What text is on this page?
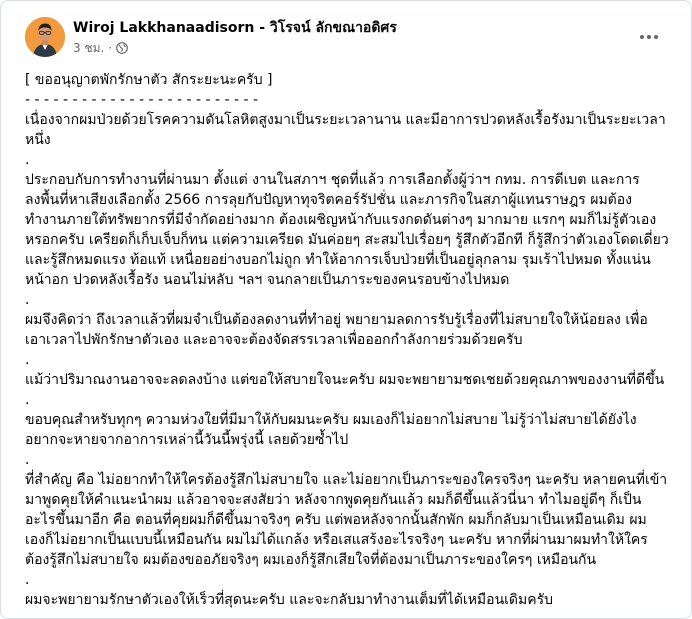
Wiroj Lakkhanaadisorn - วิโรจน์ ลักขณาอดิศร
3 ชม. ·
[ ขออนุญาตพักรักษาตัว สักระยะนะครับ ]
- - - - - - - - - - - - - - - - - - - - - - - - -
เนื่องจากผมป่วยด้วยโรคความดันโลหิตสูงมาเป็นระยะเวลานาน และมีอาการปวดหลังเรื้อรังมาเป็นระยะเวลา
หนึ่ง
.
ประกอบกับการทำงานที่ผ่านมา ตั้งแต่ งานในสภาฯ ชุดที่แล้ว การเลือกตั้งผู้ว่าฯ กทม. การดีเบต และการ
ลงพื้นที่หาเสียงเลือกตั้ง 2566 การลุยกับปัญหาทุจริตคอร์รัปชั่น และภารกิจในสภาผู้แทนราษฎร ผมต้อง
ทำงานภายใต้ทรัพยากรที่มีจำกัดอย่างมาก ต้องเผชิญหน้ากับแรงกดดันต่างๆ มากมาย แรกๆ ผมก็ไม่รู้ตัวเอง
หรอกครับ เครียดก็เก็บเจ็บก็ทน แต่ความเครียด มันค่อยๆ สะสมไปเรื่อยๆ รู้สึกตัวอีกที ก็รู้สึกว่าตัวเองโดดเดี่ยว
และรู้สึกหมดแรง ท้อแท้ เหนื่อยอย่างบอกไม่ถูก ทำให้อาการเจ็บป่วยที่เป็นอยู่ลุกลาม รุมเร้าไปหมด ทั้งแน่น
หน้าอก ปวดหลังเรื้อรัง นอนไม่หลับ ฯลฯ จนกลายเป็นภาระของคนรอบข้างไปหมด
.
ผมจึงคิดว่า ถึงเวลาแล้วที่ผมจำเป็นต้องลดงานที่ทำอยู่ พยายามลดการรับรู้เรื่องที่ไม่สบายใจให้น้อยลง เพื่อ
เอาเวลาไปพักรักษาตัวเอง และอาจจะต้องจัดสรรเวลาเพื่อออกกำลังกายร่วมด้วยครับ
.
แม้ว่าปริมาณงานอาจจะลดลงบ้าง แต่ขอให้สบายใจนะครับ ผมจะพยายามชดเชยด้วยคุณภาพของงานที่ดีขึ้น
.
ขอบคุณสำหรับทุกๆ ความห่วงใยที่มีมาให้กับผมนะครับ ผมเองก็ไม่อยากไม่สบาย ไม่รู้ว่าไม่สบายได้ยังไง
อยากจะหายจากอาการเหล่านี้วันนี้พรุ่งนี้ เลยด้วยซ้ำไป
.
ที่สำคัญ คือ ไม่อยากทำให้ใครต้องรู้สึกไม่สบายใจ และไม่อยากเป็นภาระของใครจริงๆ นะครับ หลายคนที่เข้า
มาพูดคุยให้คำแนะนำผม แล้วอาจจะสงสัยว่า หลังจากพูดคุยกันแล้ว ผมก็ดีขึ้นแล้วนี่นา ทำไมอยู่ดีๆ ก็เป็น
อะไรขึ้นมาอีก คือ ตอนที่คุยผมก็ดีขึ้นมาจริงๆ ครับ แต่พอหลังจากนั้นสักพัก ผมก็กลับมาเป็นเหมือนเดิม ผม
เองก็ไม่อยากเป็นแบบนี้เหมือนกัน ผมไม่ได้แกล้ง หรือเสแสร้งอะไรจริงๆ นะครับ หากที่ผ่านมาผมทำให้ใคร
ต้องรู้สึกไม่สบายใจ ผมต้องขออภัยจริงๆ ผมเองก็รู้สึกเสียใจที่ต้องมาเป็นภาระของใครๆ เหมือนกัน
.
ผมจะพยายามรักษาตัวเองให้เร็วที่สุดนะครับ และจะกลับมาทำงานเต็มที่ได้เหมือนเดิมครับ
